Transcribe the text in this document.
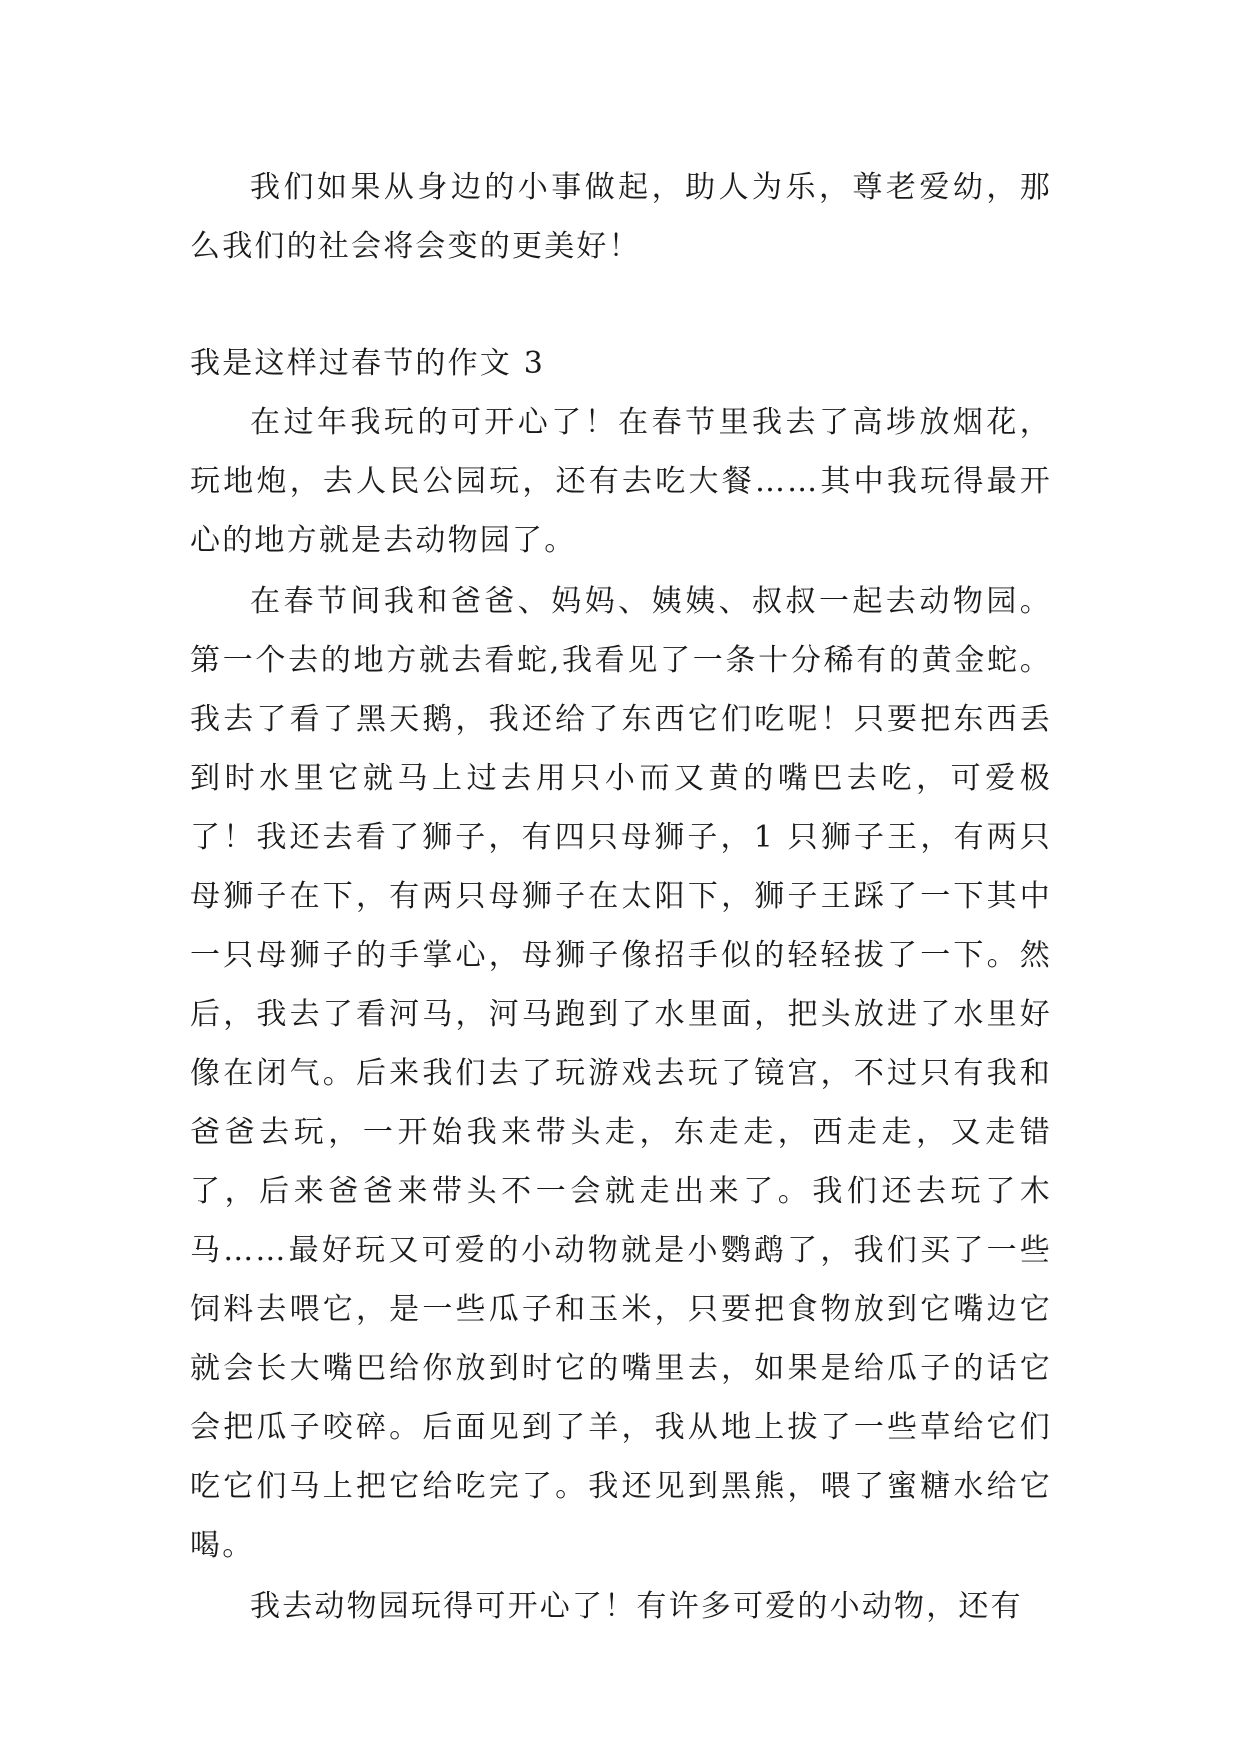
我们如果从身边的小事做起，助人为乐，尊老爱幼，那么我们的社会将会变的更美好！

我是这样过春节的作文 3

在过年我玩的可开心了！在春节里我去了高埗放烟花，玩地炮，去人民公园玩，还有去吃大餐……其中我玩得最开心的地方就是去动物园了。

在春节间我和爸爸、妈妈、姨姨、叔叔一起去动物园。第一个去的地方就去看蛇,我看见了一条十分稀有的黄金蛇。我去了看了黑天鹅，我还给了东西它们吃呢！只要把东西丢到时水里它就马上过去用只小而又黄的嘴巴去吃，可爱极了！我还去看了狮子，有四只母狮子，1 只狮子王，有两只母狮子在下，有两只母狮子在太阳下，狮子王踩了一下其中一只母狮子的手掌心，母狮子像招手似的轻轻拔了一下。然后，我去了看河马，河马跑到了水里面，把头放进了水里好像在闭气。后来我们去了玩游戏去玩了镜宫，不过只有我和爸爸去玩，一开始我来带头走，东走走，西走走，又走错了，后来爸爸来带头不一会就走出来了。我们还去玩了木马……最好玩又可爱的小动物就是小鹦鹉了，我们买了一些饲料去喂它，是一些瓜子和玉米，只要把食物放到它嘴边它就会长大嘴巴给你放到时它的嘴里去，如果是给瓜子的话它会把瓜子咬碎。后面见到了羊，我从地上拔了一些草给它们吃它们马上把它给吃完了。我还见到黑熊，喂了蜜糖水给它喝。

我去动物园玩得可开心了！有许多可爱的小动物，还有
